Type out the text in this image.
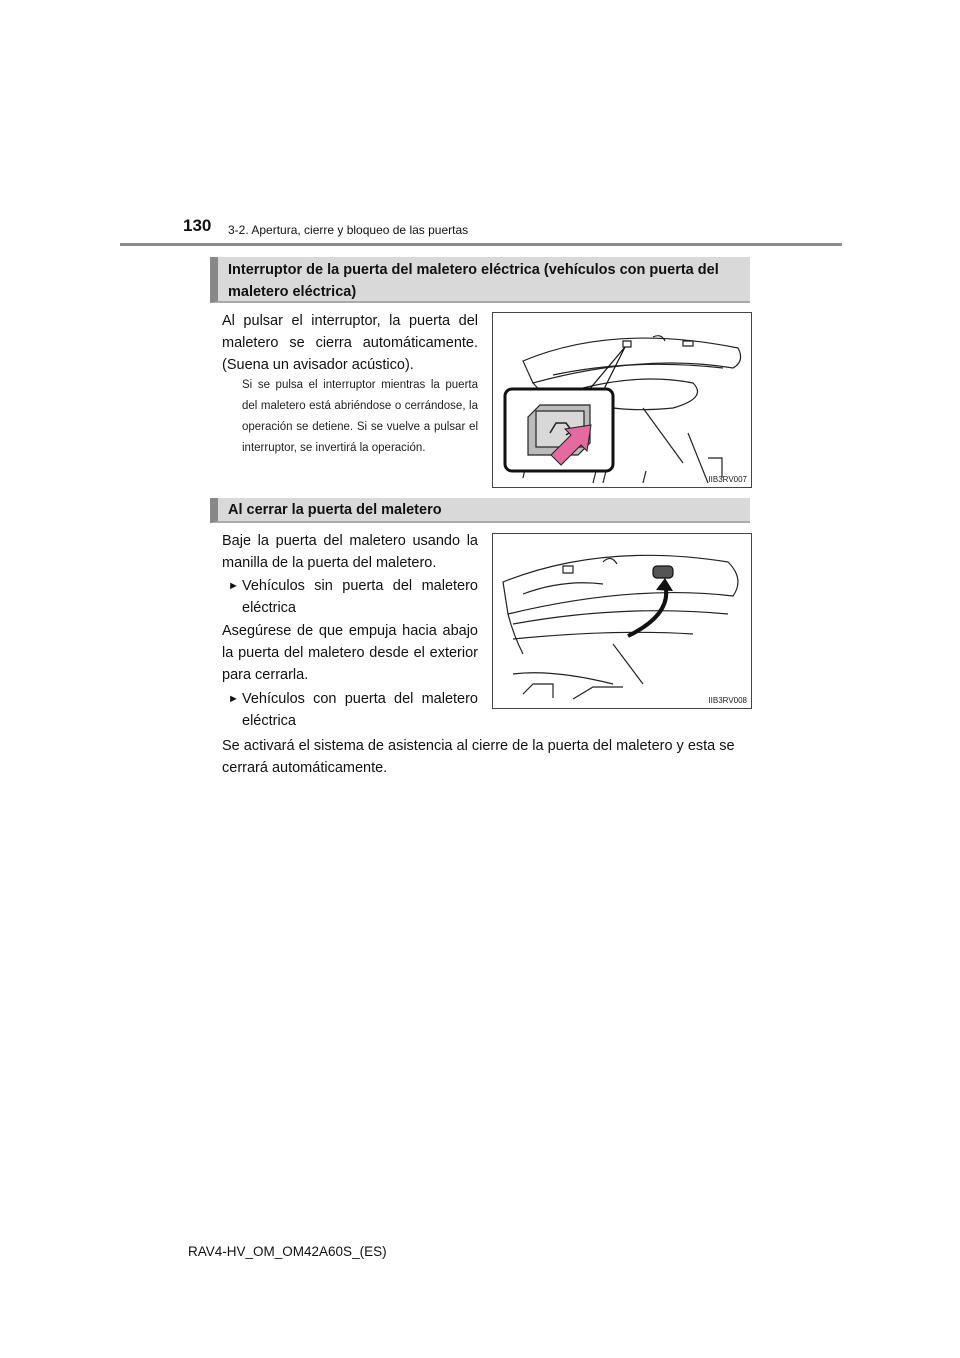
130 3-2. Apertura, cierre y bloqueo de las puertas
Interruptor de la puerta del maletero eléctrica (vehículos con puerta del maletero eléctrica)
Al pulsar el interruptor, la puerta del maletero se cierra automáticamente. (Suena un avisador acústico).
Si se pulsa el interruptor mientras la puerta del maletero está abriéndose o cerrándose, la operación se detiene. Si se vuelve a pulsar el interruptor, se invertirá la operación.
IIB3RV007
Al cerrar la puerta del maletero
Baje la puerta del maletero usando la manilla de la puerta del maletero.
► Vehículos sin puerta del maletero eléctrica
Asegúrese de que empuja hacia abajo la puerta del maletero desde el exterior para cerrarla.
► Vehículos con puerta del maletero eléctrica
Se activará el sistema de asistencia al cierre de la puerta del maletero y esta se cerrará automáticamente.
IIB3RV008
RAV4-HV_OM_OM42A60S_(ES)
